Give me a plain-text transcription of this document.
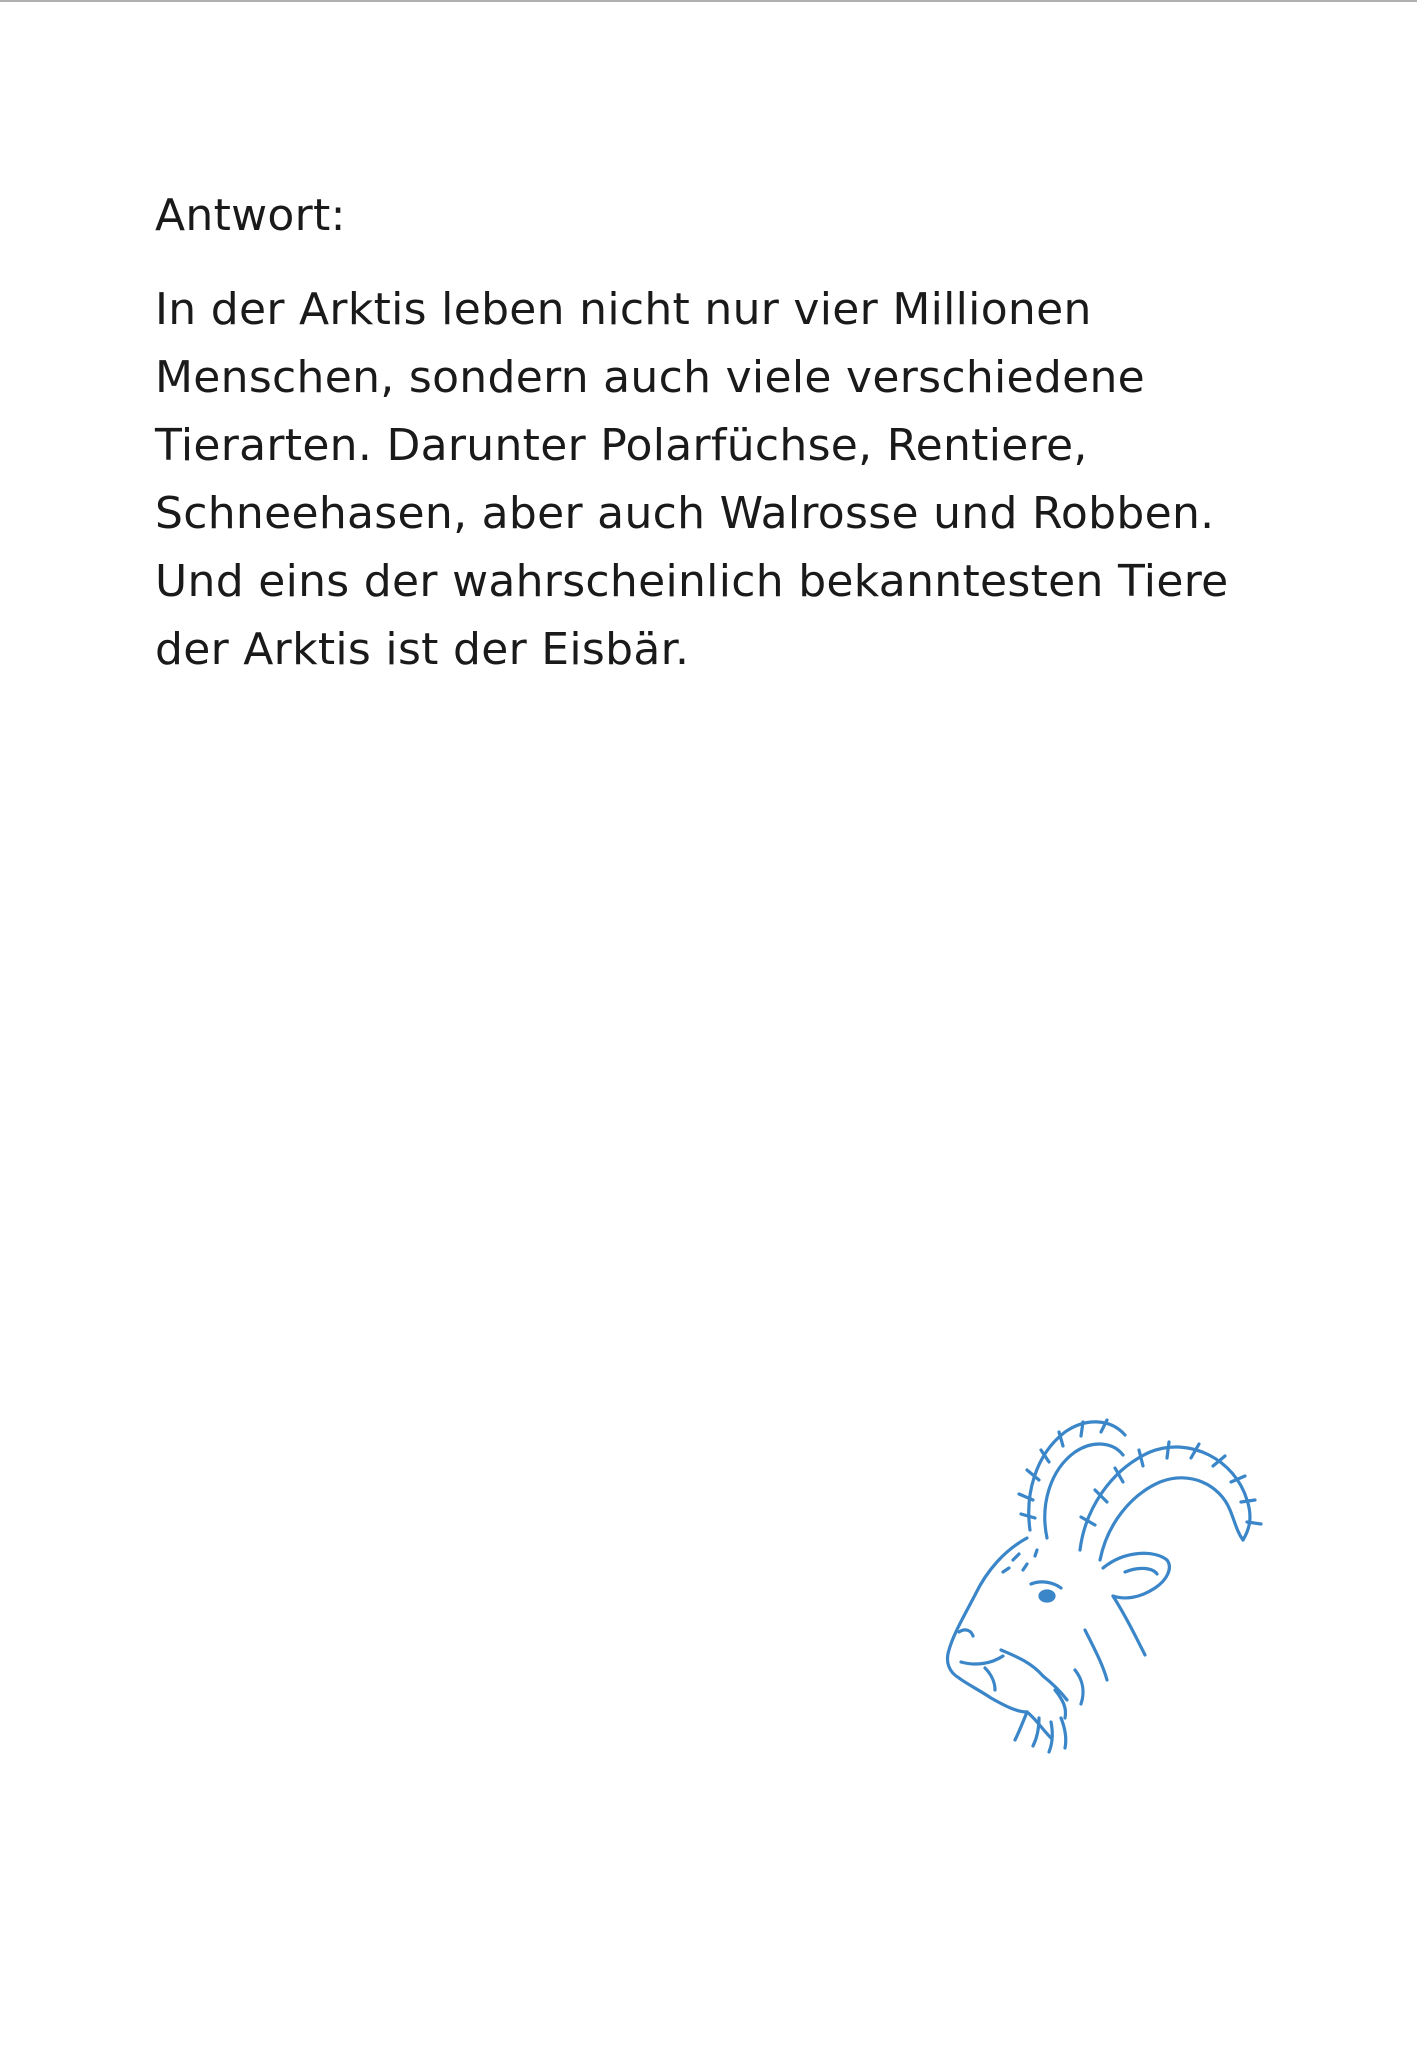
Antwort:

In der Arktis leben nicht nur vier Millionen
Menschen, sondern auch viele verschiedene
Tierarten. Darunter Polarfüchse, Rentiere,
Schneehasen, aber auch Walrosse und Robben.
Und eins der wahrscheinlich bekanntesten Tiere
der Arktis ist der Eisbär.
